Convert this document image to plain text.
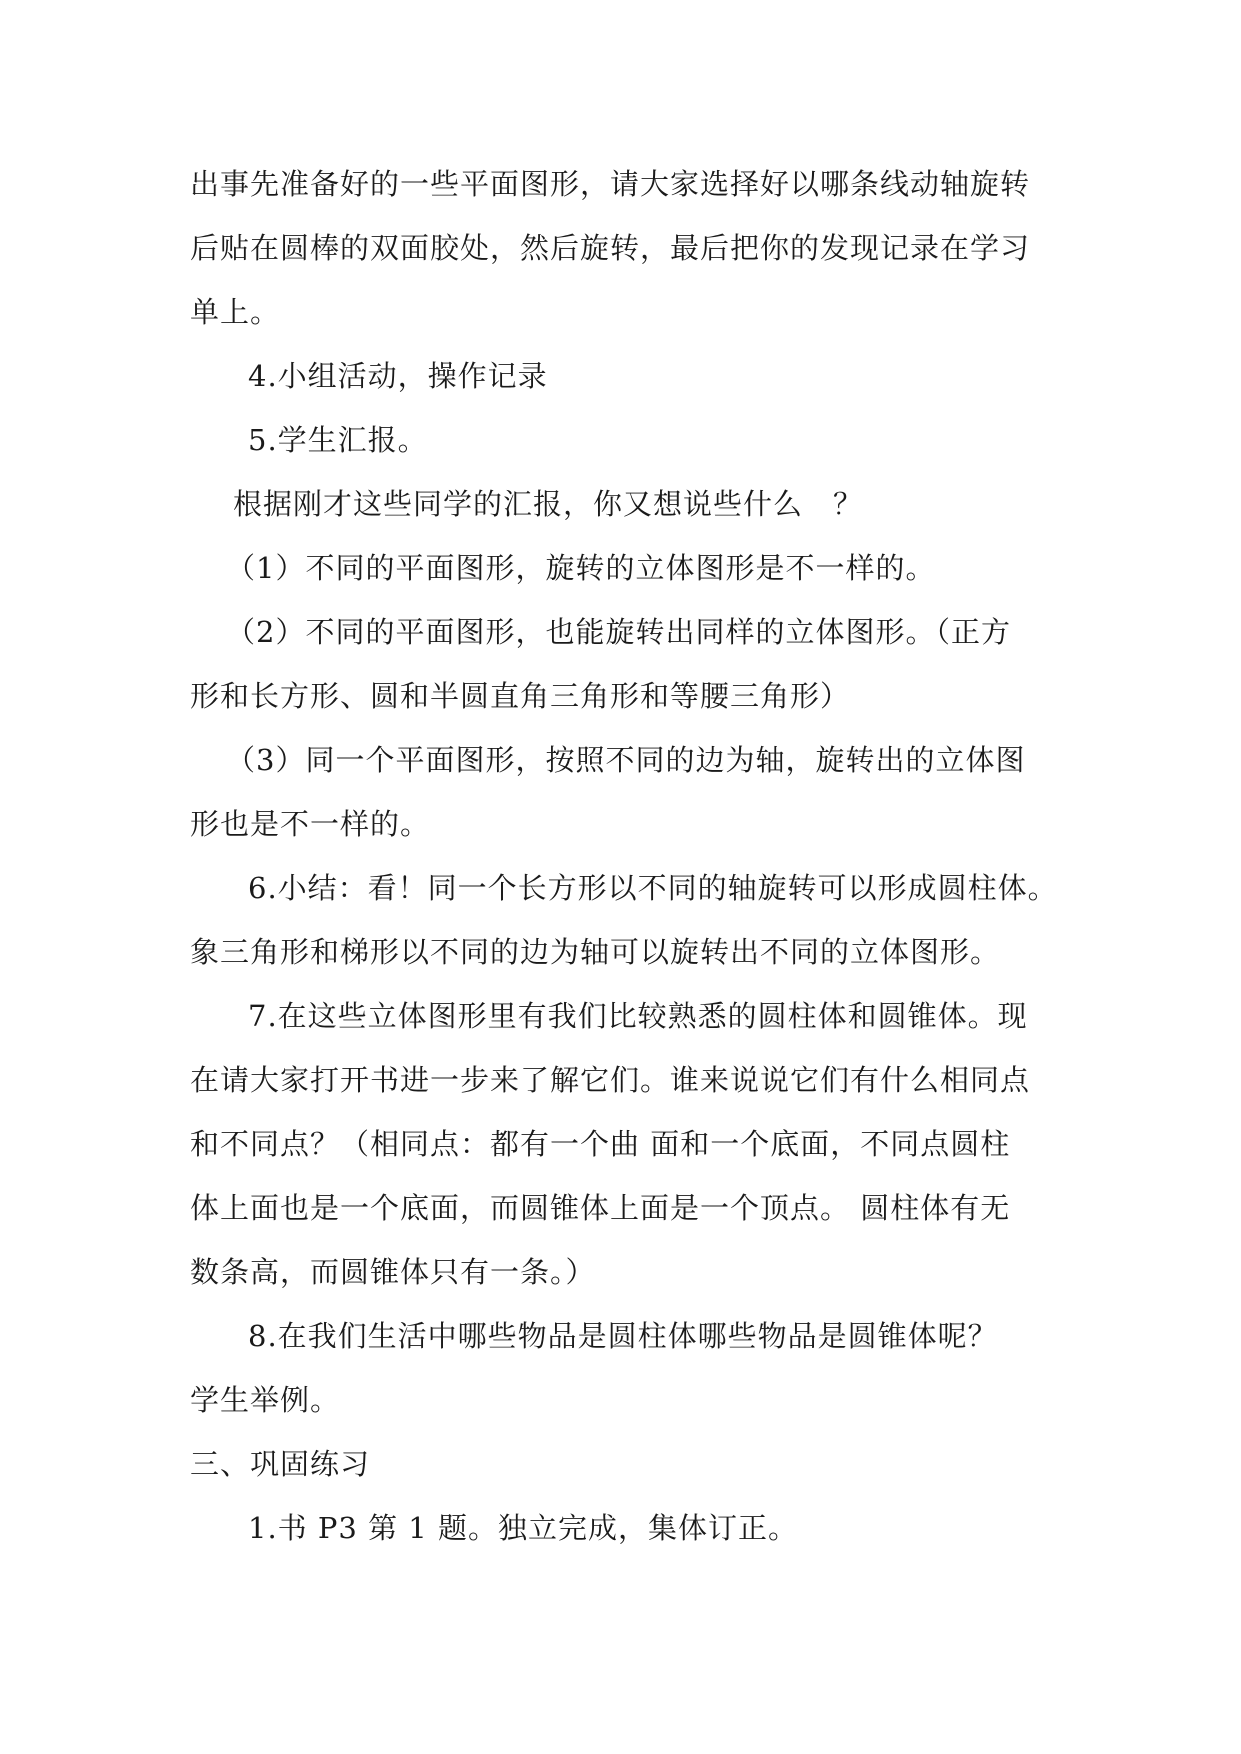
出事先准备好的一些平面图形，请大家选择好以哪条线动轴旋转
后贴在圆棒的双面胶处，然后旋转，最后把你的发现记录在学习
单上。
4.小组活动，操作记录
5.学生汇报。
根据刚才这些同学的汇报，你又想说些什么　？
（1）不同的平面图形，旋转的立体图形是不一样的。
（2）不同的平面图形，也能旋转出同样的立体图形。（正方
形和长方形、圆和半圆直角三角形和等腰三角形）
（3）同一个平面图形，按照不同的边为轴，旋转出的立体图
形也是不一样的。
6.小结：看！同一个长方形以不同的轴旋转可以形成圆柱体。
象三角形和梯形以不同的边为轴可以旋转出不同的立体图形。
7.在这些立体图形里有我们比较熟悉的圆柱体和圆锥体。现
在请大家打开书进一步来了解它们。谁来说说它们有什么相同点
和不同点？（相同点：都有一个曲 面和一个底面，不同点圆柱
体上面也是一个底面，而圆锥体上面是一个顶点。 圆柱体有无
数条高，而圆锥体只有一条。）
8.在我们生活中哪些物品是圆柱体哪些物品是圆锥体呢？
学生举例。
三、巩固练习
1.书 P3 第 1 题。独立完成，集体订正。
